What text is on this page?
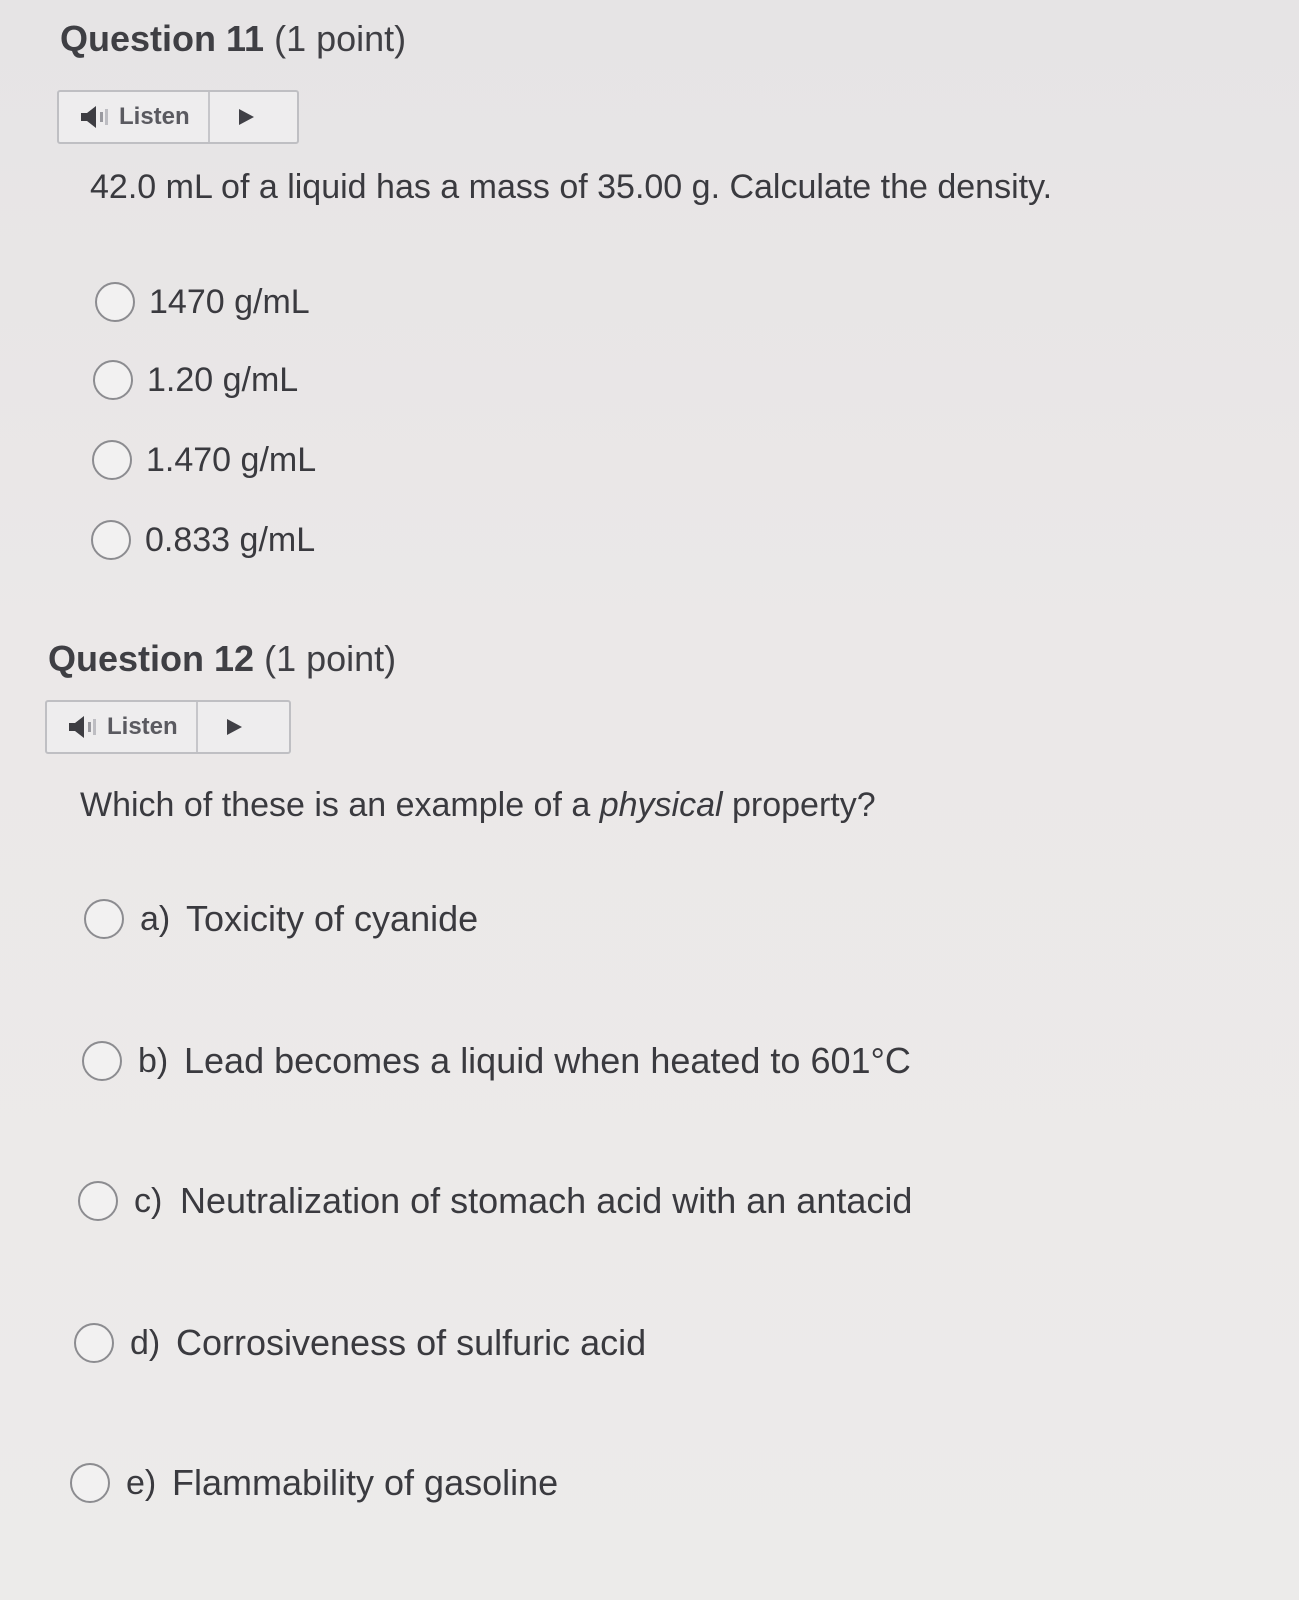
Question 11 (1 point)
Listen
42.0 mL of a liquid has a mass of 35.00 g. Calculate the density.
1470 g/mL
1.20 g/mL
1.470 g/mL
0.833 g/mL
Question 12 (1 point)
Listen
Which of these is an example of a physical property?
a) Toxicity of cyanide
b) Lead becomes a liquid when heated to 601°C
c) Neutralization of stomach acid with an antacid
d) Corrosiveness of sulfuric acid
e) Flammability of gasoline
